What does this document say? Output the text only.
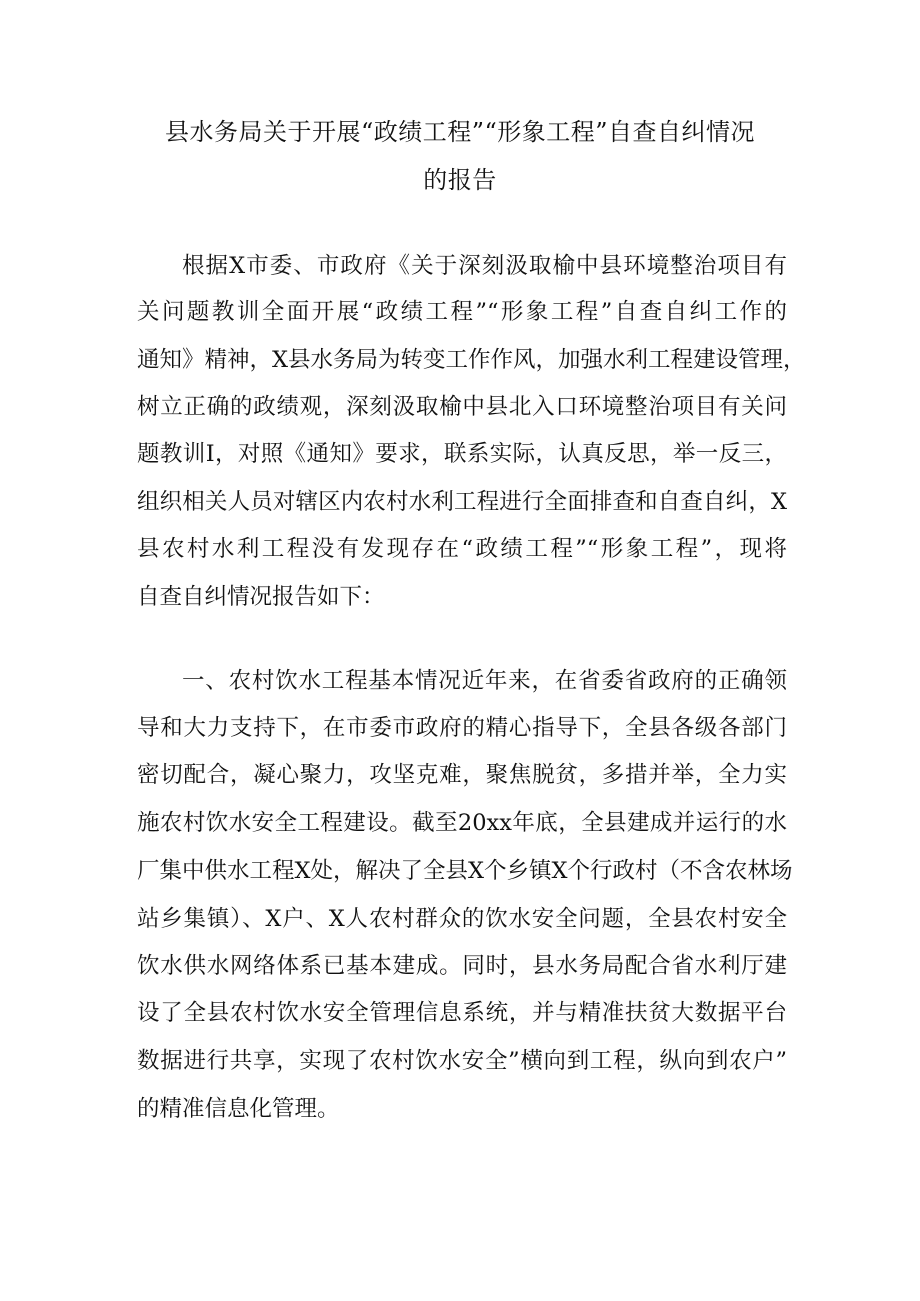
县水务局关于开展“政绩工程”“形象工程”自查自纠情况
的报告
根据X市委、市政府《关于深刻汲取榆中县环境整治项目有
关问题教训全面开展“政绩工程”“形象工程”自查自纠工作的
通知》精神，X县水务局为转变工作作风，加强水利工程建设管理，
树立正确的政绩观，深刻汲取榆中县北入口环境整治项目有关问
题教训I，对照《通知》要求，联系实际，认真反思，举一反三，
组织相关人员对辖区内农村水利工程进行全面排查和自查自纠，X
县农村水利工程没有发现存在“政绩工程”“形象工程”，现将
自查自纠情况报告如下：
一、农村饮水工程基本情况近年来，在省委省政府的正确领
导和大力支持下，在市委市政府的精心指导下，全县各级各部门
密切配合，凝心聚力，攻坚克难，聚焦脱贫，多措并举，全力实
施农村饮水安全工程建设。截至20xx年底，全县建成并运行的水
厂集中供水工程X处，解决了全县X个乡镇X个行政村（不含农林场
站乡集镇）、X户、X人农村群众的饮水安全问题，全县农村安全
饮水供水网络体系已基本建成。同时，县水务局配合省水利厅建
设了全县农村饮水安全管理信息系统，并与精准扶贫大数据平台
数据进行共享，实现了农村饮水安全”横向到工程，纵向到农户”
的精准信息化管理。
